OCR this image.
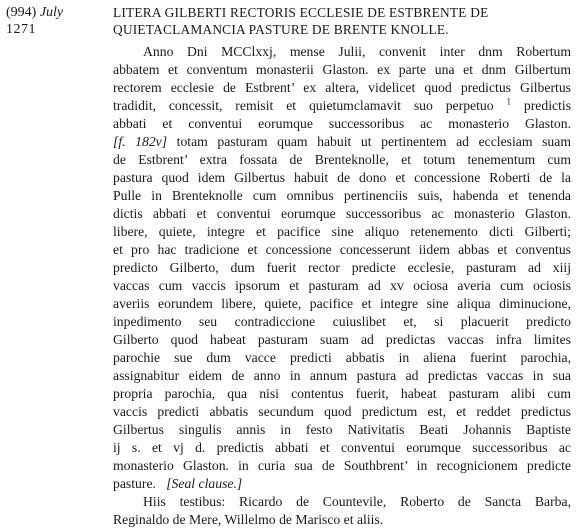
(994) July
1271
LITERA GILBERTI RECTORIS ECCLESIE DE ESTBRENTE DE
QUIETACLAMANCIA PASTURE DE BRENTE KNOLLE.
Anno Dni MCClxxj, mense Julii, convenit inter dnm Robertum
abbatem et conventum monasterii Glaston. ex parte una et dnm Gilbertum
rectorem ecclesie de Estbrent’ ex altera, videlicet quod predictus Gilbertus
tradidit, concessit, remisit et quietumclamavit suo perpetuo $^1$ predictis
abbati et conventui eorumque successoribus ac monasterio Glaston.
[f. 182v] totam pasturam quam habuit ut pertinentem ad ecclesiam suam
de Estbrent’ extra fossata de Brenteknolle, et totum tenementum cum
pastura quod idem Gilbertus habuit de dono et concessione Roberti de la
Pulle in Brenteknolle cum omnibus pertinenciis suis, habenda et tenenda
dictis abbati et conventui eorumque successoribus ac monasterio Glaston.
libere, quiete, integre et pacifice sine aliquo retenemento dicti Gilberti;
et pro hac tradicione et concessione concesserunt iidem abbas et conventus
predicto Gilberto, dum fuerit rector predicte ecclesie, pasturam ad xiij
vaccas cum vaccis ipsorum et pasturam ad xv ociosa averia cum ociosis
averiis eorundem libere, quiete, pacifice et integre sine aliqua diminucione,
inpedimento seu contradiccione cuiuslibet et, si placuerit predicto
Gilberto quod habeat pasturam suam ad predictas vaccas infra limites
parochie sue dum vacce predicti abbatis in aliena fuerint parochia,
assignabitur eidem de anno in annum pastura ad predictas vaccas in sua
propria parochia, qua nisi contentus fuerit, habeat pasturam alibi cum
vaccis predicti abbatis secundum quod predictum est, et reddet predictus
Gilbertus singulis annis in festo Nativitatis Beati Johannis Baptiste
ij s. et vj d. predictis abbati et conventui eorumque successoribus ac
monasterio Glaston. in curia sua de Southbrent’ in recognicionem predicte
pasture. [Seal clause.]
Hiis testibus: Ricardo de Countevile, Roberto de Sancta Barba,
Reginaldo de Mere, Willelmo de Marisco et aliis.
